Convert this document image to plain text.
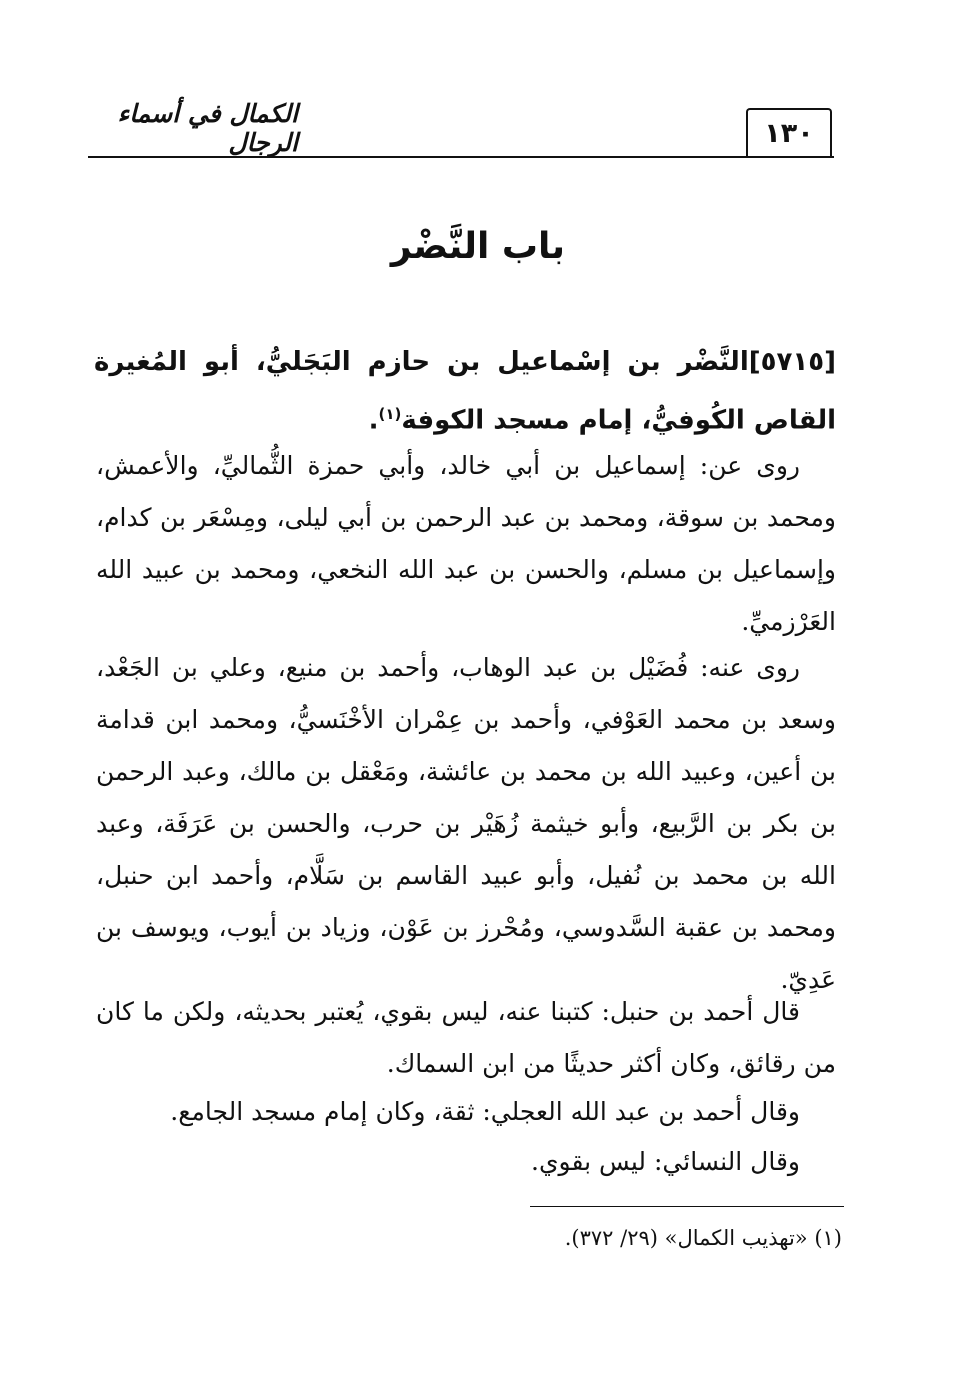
١٣٠
الكمال في أسماء الرجال
باب النَّضْر
[٥٧١٥]النَّضْر بن إسْماعيل بن حازم البَجَليُّ، أبو المُغيرة القاص الكُوفيُّ، إمام مسجد الكوفة$^{(١)}$.
روى عن: إسماعيل بن أبي خالد، وأبي حمزة الثُّماليِّ، والأعمش، ومحمد بن سوقة، ومحمد بن عبد الرحمن بن أبي ليلى، ومِسْعَر بن كدام، وإسماعيل بن مسلم، والحسن بن عبد الله النخعي، ومحمد بن عبيد الله العَرْزميِّ.
روى عنه: فُضَيْل بن عبد الوهاب، وأحمد بن منيع، وعلي بن الجَعْد، وسعد بن محمد العَوْفي، وأحمد بن عِمْران الأخْنَسيُّ، ومحمد ابن قدامة بن أعين، وعبيد الله بن محمد بن عائشة، ومَعْقل بن مالك، وعبد الرحمن بن بكر بن الرَّبيع، وأبو خيثمة زُهَيْر بن حرب، والحسن بن عَرَفَة، وعبد الله بن محمد بن نُفيل، وأبو عبيد القاسم بن سَلَّام، وأحمد ابن حنبل، ومحمد بن عقبة السَّدوسي، ومُحْرز بن عَوْن، وزياد بن أيوب، ويوسف بن عَدِيّ.
قال أحمد بن حنبل: كتبنا عنه، ليس بقوي، يُعتبر بحديثه، ولكن ما كان من رقائق، وكان أكثر حديثًا من ابن السماك.
وقال أحمد بن عبد الله العجلي: ثقة، وكان إمام مسجد الجامع.
وقال النسائي: ليس بقوي.
(١) «تهذيب الكمال» (٢٩/ ٣٧٢).
